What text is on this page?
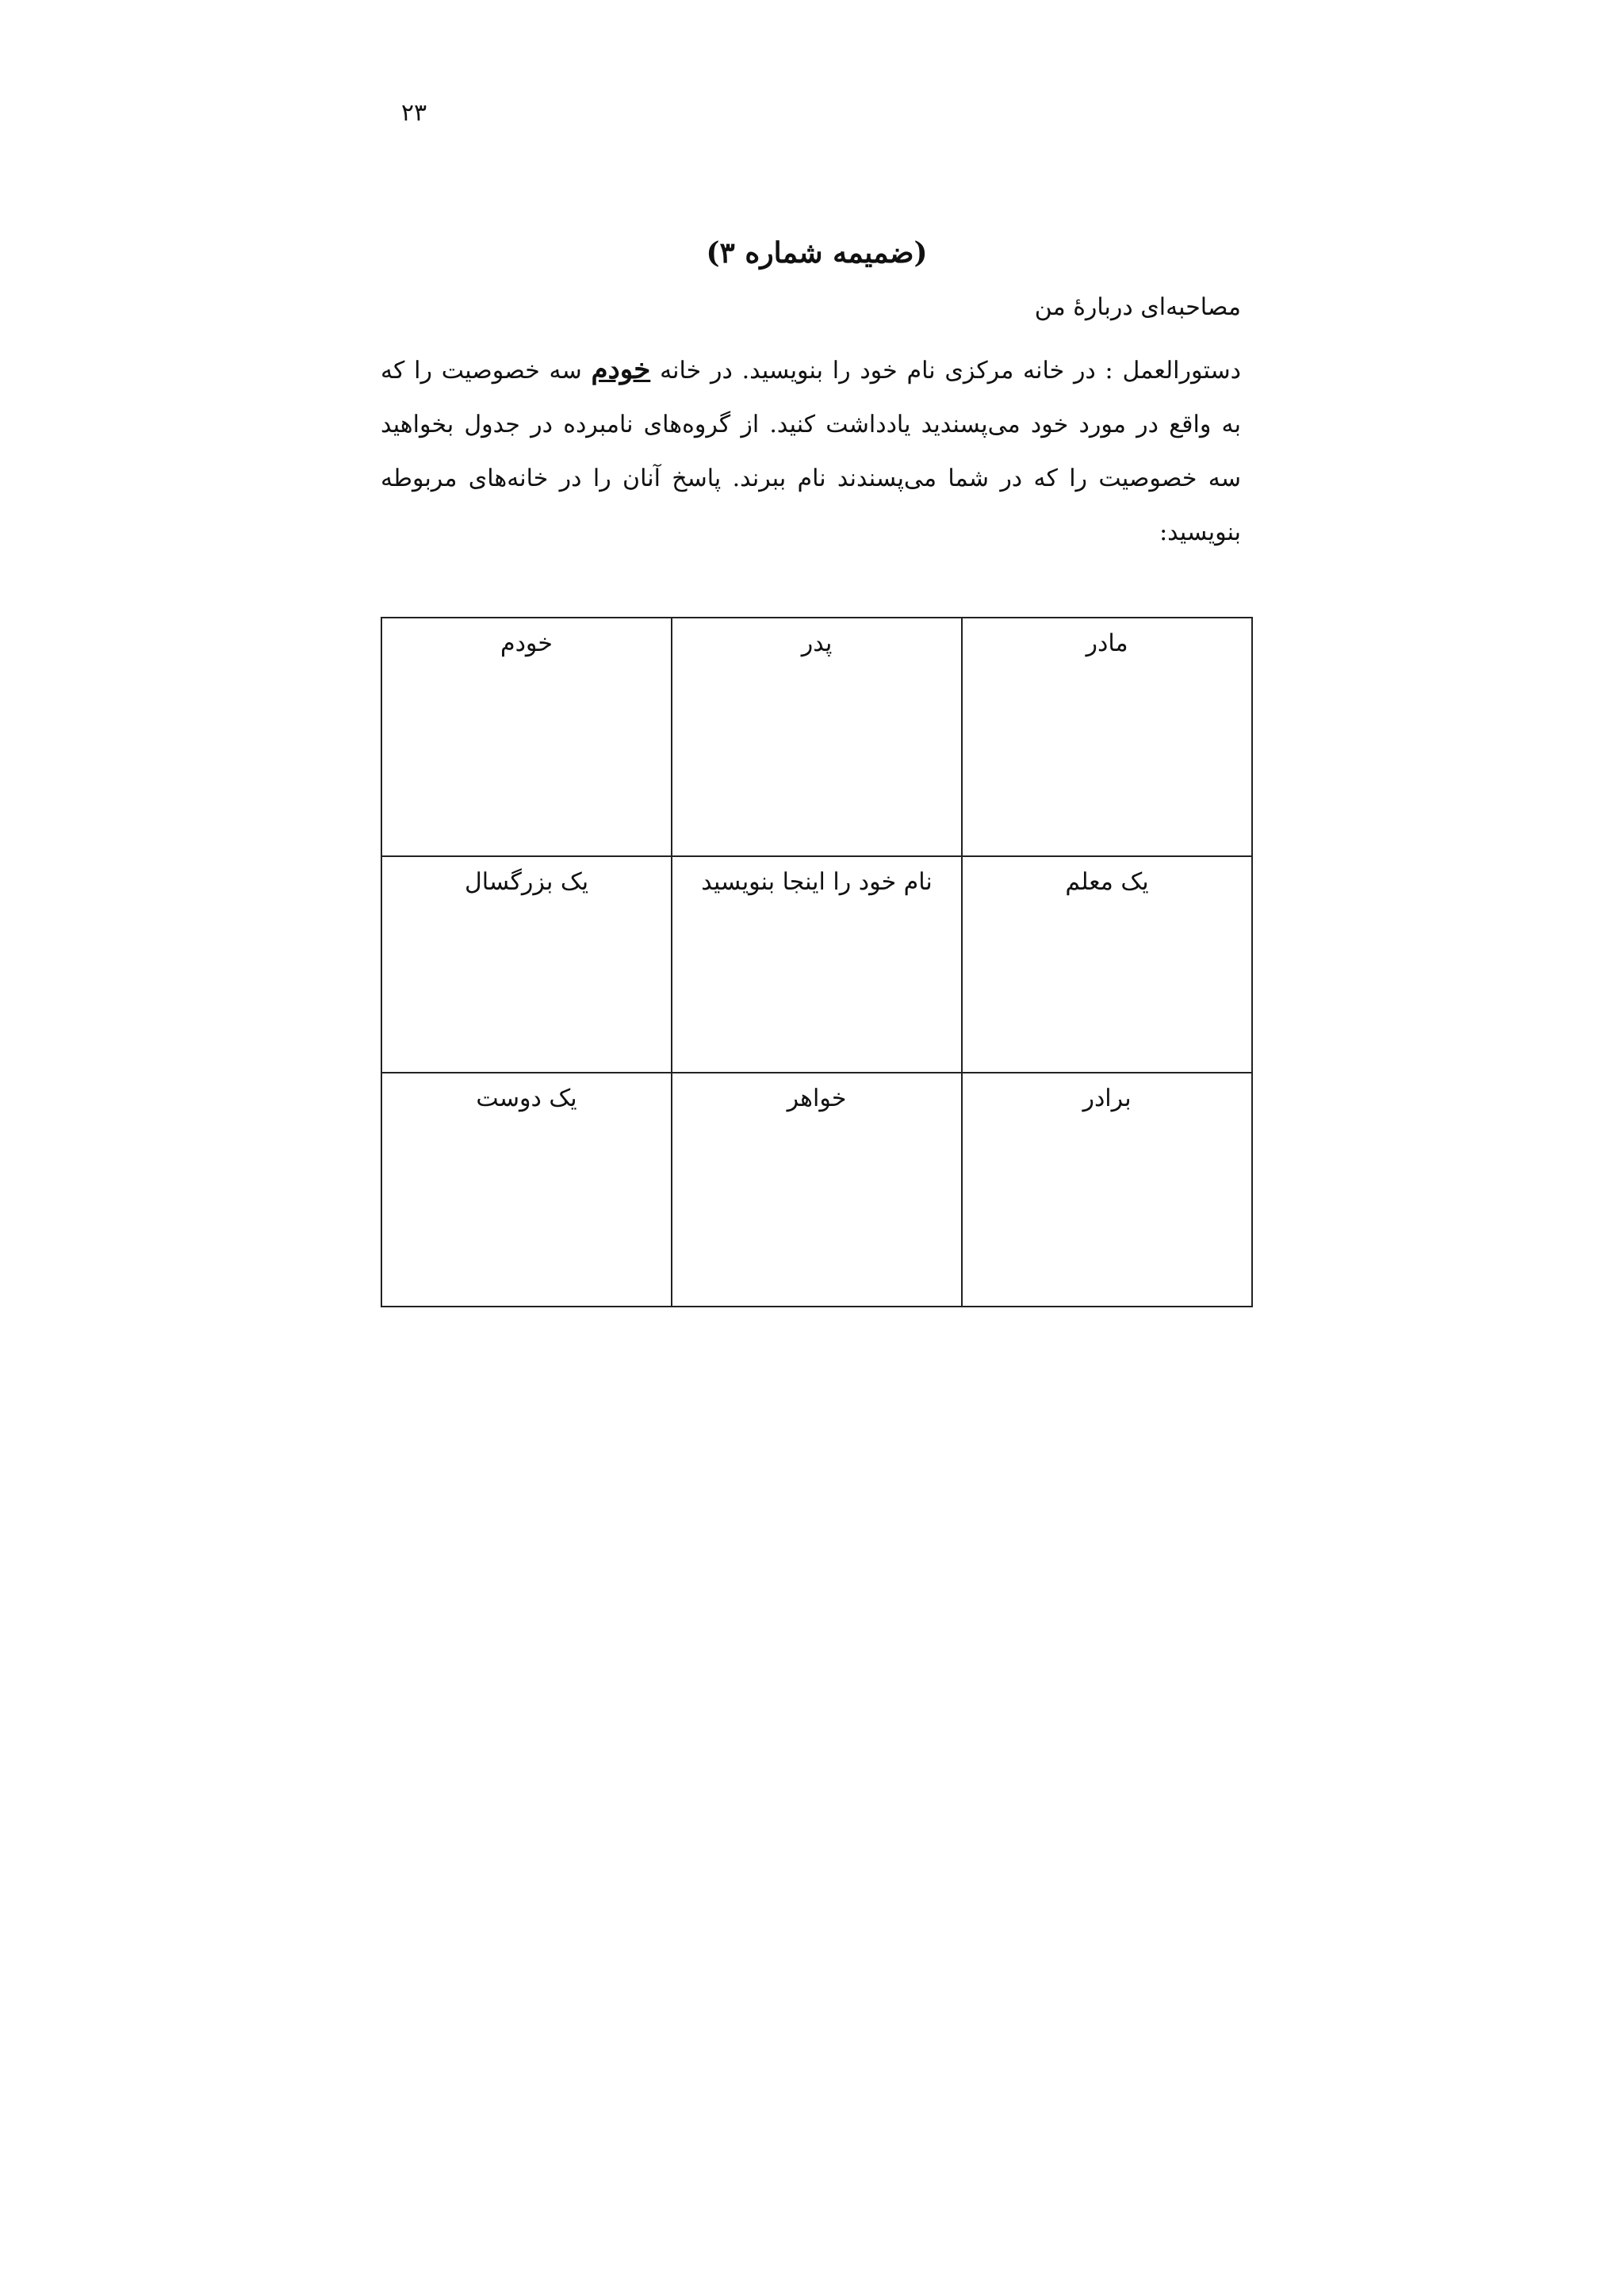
۲۳
(ضمیمه شماره ۳)
مصاحبه‌ای دربارهٔ من
دستورالعمل : در خانه مرکزی نام خود را بنویسید. در خانه خودم سه خصوصیت را که به واقع در مورد خود می‌پسندید یادداشت کنید. از گروه‌های نامبرده در جدول بخواهید سه خصوصیت را که در شما می‌پسندند نام ببرند. پاسخ آنان را در خانه‌های مربوطه بنویسید:
مادر	پدر	خودم
یک معلم	نام خود را اینجا بنویسید	یک بزرگسال
برادر	خواهر	یک دوست
